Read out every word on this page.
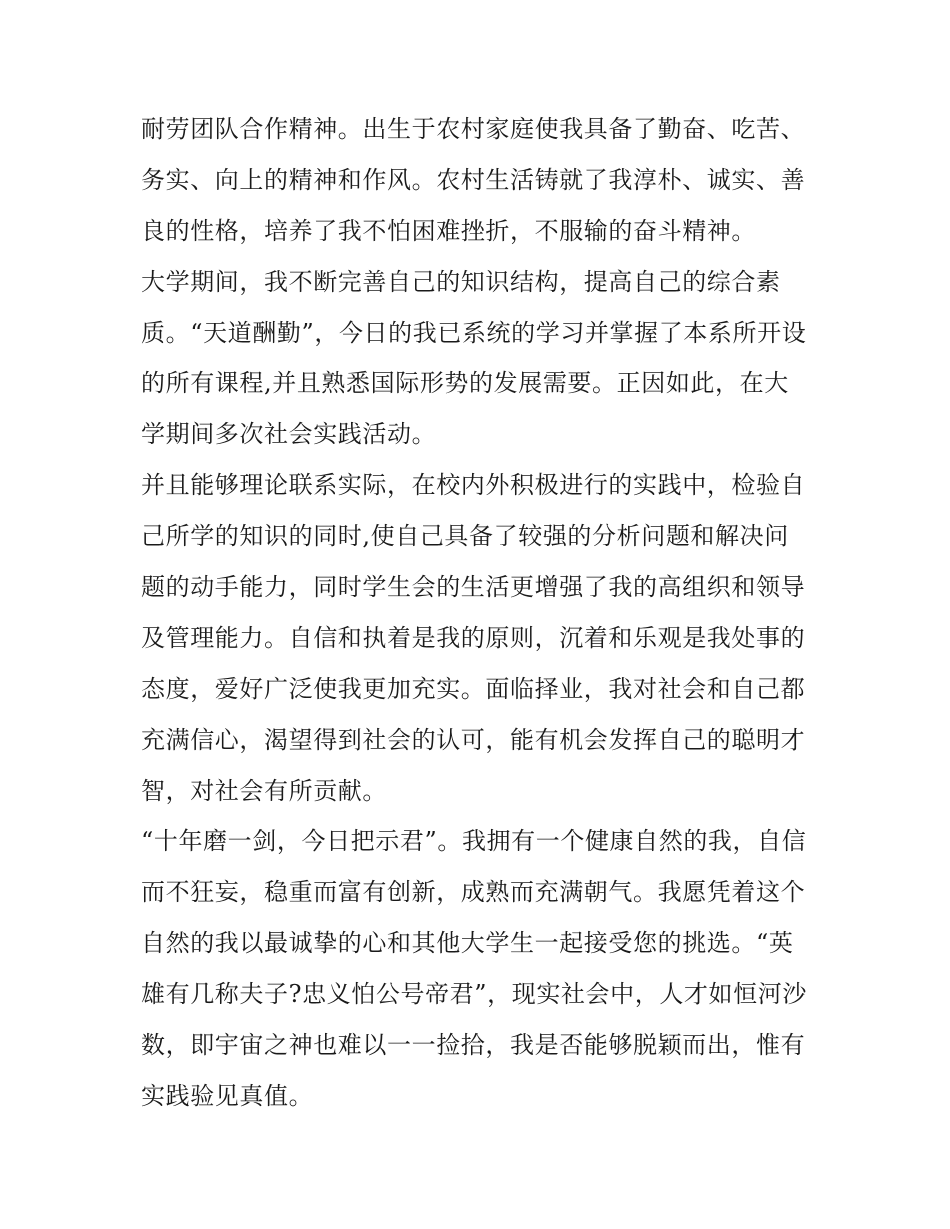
耐劳团队合作精神。出生于农村家庭使我具备了勤奋、吃苦、
务实、向上的精神和作风。农村生活铸就了我淳朴、诚实、善
良的性格，培养了我不怕困难挫折，不服输的奋斗精神。
大学期间，我不断完善自己的知识结构，提高自己的综合素
质。“天道酬勤”，今日的我已系统的学习并掌握了本系所开设
的所有课程,并且熟悉国际形势的发展需要。正因如此，在大
学期间多次社会实践活动。
并且能够理论联系实际，在校内外积极进行的实践中，检验自
己所学的知识的同时,使自己具备了较强的分析问题和解决问
题的动手能力，同时学生会的生活更增强了我的高组织和领导
及管理能力。自信和执着是我的原则，沉着和乐观是我处事的
态度，爱好广泛使我更加充实。面临择业，我对社会和自己都
充满信心，渴望得到社会的认可，能有机会发挥自己的聪明才
智，对社会有所贡献。
“十年磨一剑，今日把示君”。我拥有一个健康自然的我，自信
而不狂妄，稳重而富有创新，成熟而充满朝气。我愿凭着这个
自然的我以最诚挚的心和其他大学生一起接受您的挑选。“英
雄有几称夫子?忠义怕公号帝君”，现实社会中，人才如恒河沙
数，即宇宙之神也难以一一捡拾，我是否能够脱颖而出，惟有
实践验见真值。
